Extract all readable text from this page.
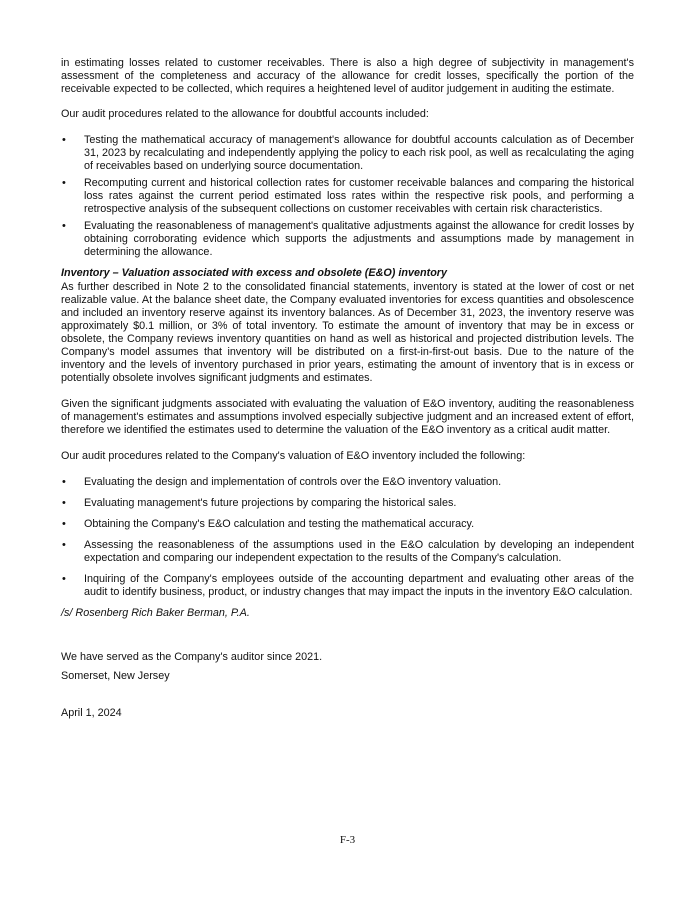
in estimating losses related to customer receivables. There is also a high degree of subjectivity in management's assessment of the completeness and accuracy of the allowance for credit losses, specifically the portion of the receivable expected to be collected, which requires a heightened level of auditor judgement in auditing the estimate.

Our audit procedures related to the allowance for doubtful accounts included:

• Testing the mathematical accuracy of management's allowance for doubtful accounts calculation as of December 31, 2023 by recalculating and independently applying the policy to each risk pool, as well as recalculating the aging of receivables based on underlying source documentation.
• Recomputing current and historical collection rates for customer receivable balances and comparing the historical loss rates against the current period estimated loss rates within the respective risk pools, and performing a retrospective analysis of the subsequent collections on customer receivables with certain risk characteristics.
• Evaluating the reasonableness of management's qualitative adjustments against the allowance for credit losses by obtaining corroborating evidence which supports the adjustments and assumptions made by management in determining the allowance.

Inventory – Valuation associated with excess and obsolete (E&O) inventory

As further described in Note 2 to the consolidated financial statements, inventory is stated at the lower of cost or net realizable value. At the balance sheet date, the Company evaluated inventories for excess quantities and obsolescence and included an inventory reserve against its inventory balances. As of December 31, 2023, the inventory reserve was approximately $0.1 million, or 3% of total inventory. To estimate the amount of inventory that may be in excess or obsolete, the Company reviews inventory quantities on hand as well as historical and projected distribution levels. The Company's model assumes that inventory will be distributed on a first-in-first-out basis. Due to the nature of the inventory and the levels of inventory purchased in prior years, estimating the amount of inventory that is in excess or potentially obsolete involves significant judgments and estimates.

Given the significant judgments associated with evaluating the valuation of E&O inventory, auditing the reasonableness of management's estimates and assumptions involved especially subjective judgment and an increased extent of effort, therefore we identified the estimates used to determine the valuation of the E&O inventory as a critical audit matter.

Our audit procedures related to the Company's valuation of E&O inventory included the following:

• Evaluating the design and implementation of controls over the E&O inventory valuation.
• Evaluating management's future projections by comparing the historical sales.
• Obtaining the Company's E&O calculation and testing the mathematical accuracy.
• Assessing the reasonableness of the assumptions used in the E&O calculation by developing an independent expectation and comparing our independent expectation to the results of the Company's calculation.
• Inquiring of the Company's employees outside of the accounting department and evaluating other areas of the audit to identify business, product, or industry changes that may impact the inputs in the inventory E&O calculation.

/s/ Rosenberg Rich Baker Berman, P.A.

We have served as the Company's auditor since 2021.

Somerset, New Jersey

April 1, 2024

F-3
